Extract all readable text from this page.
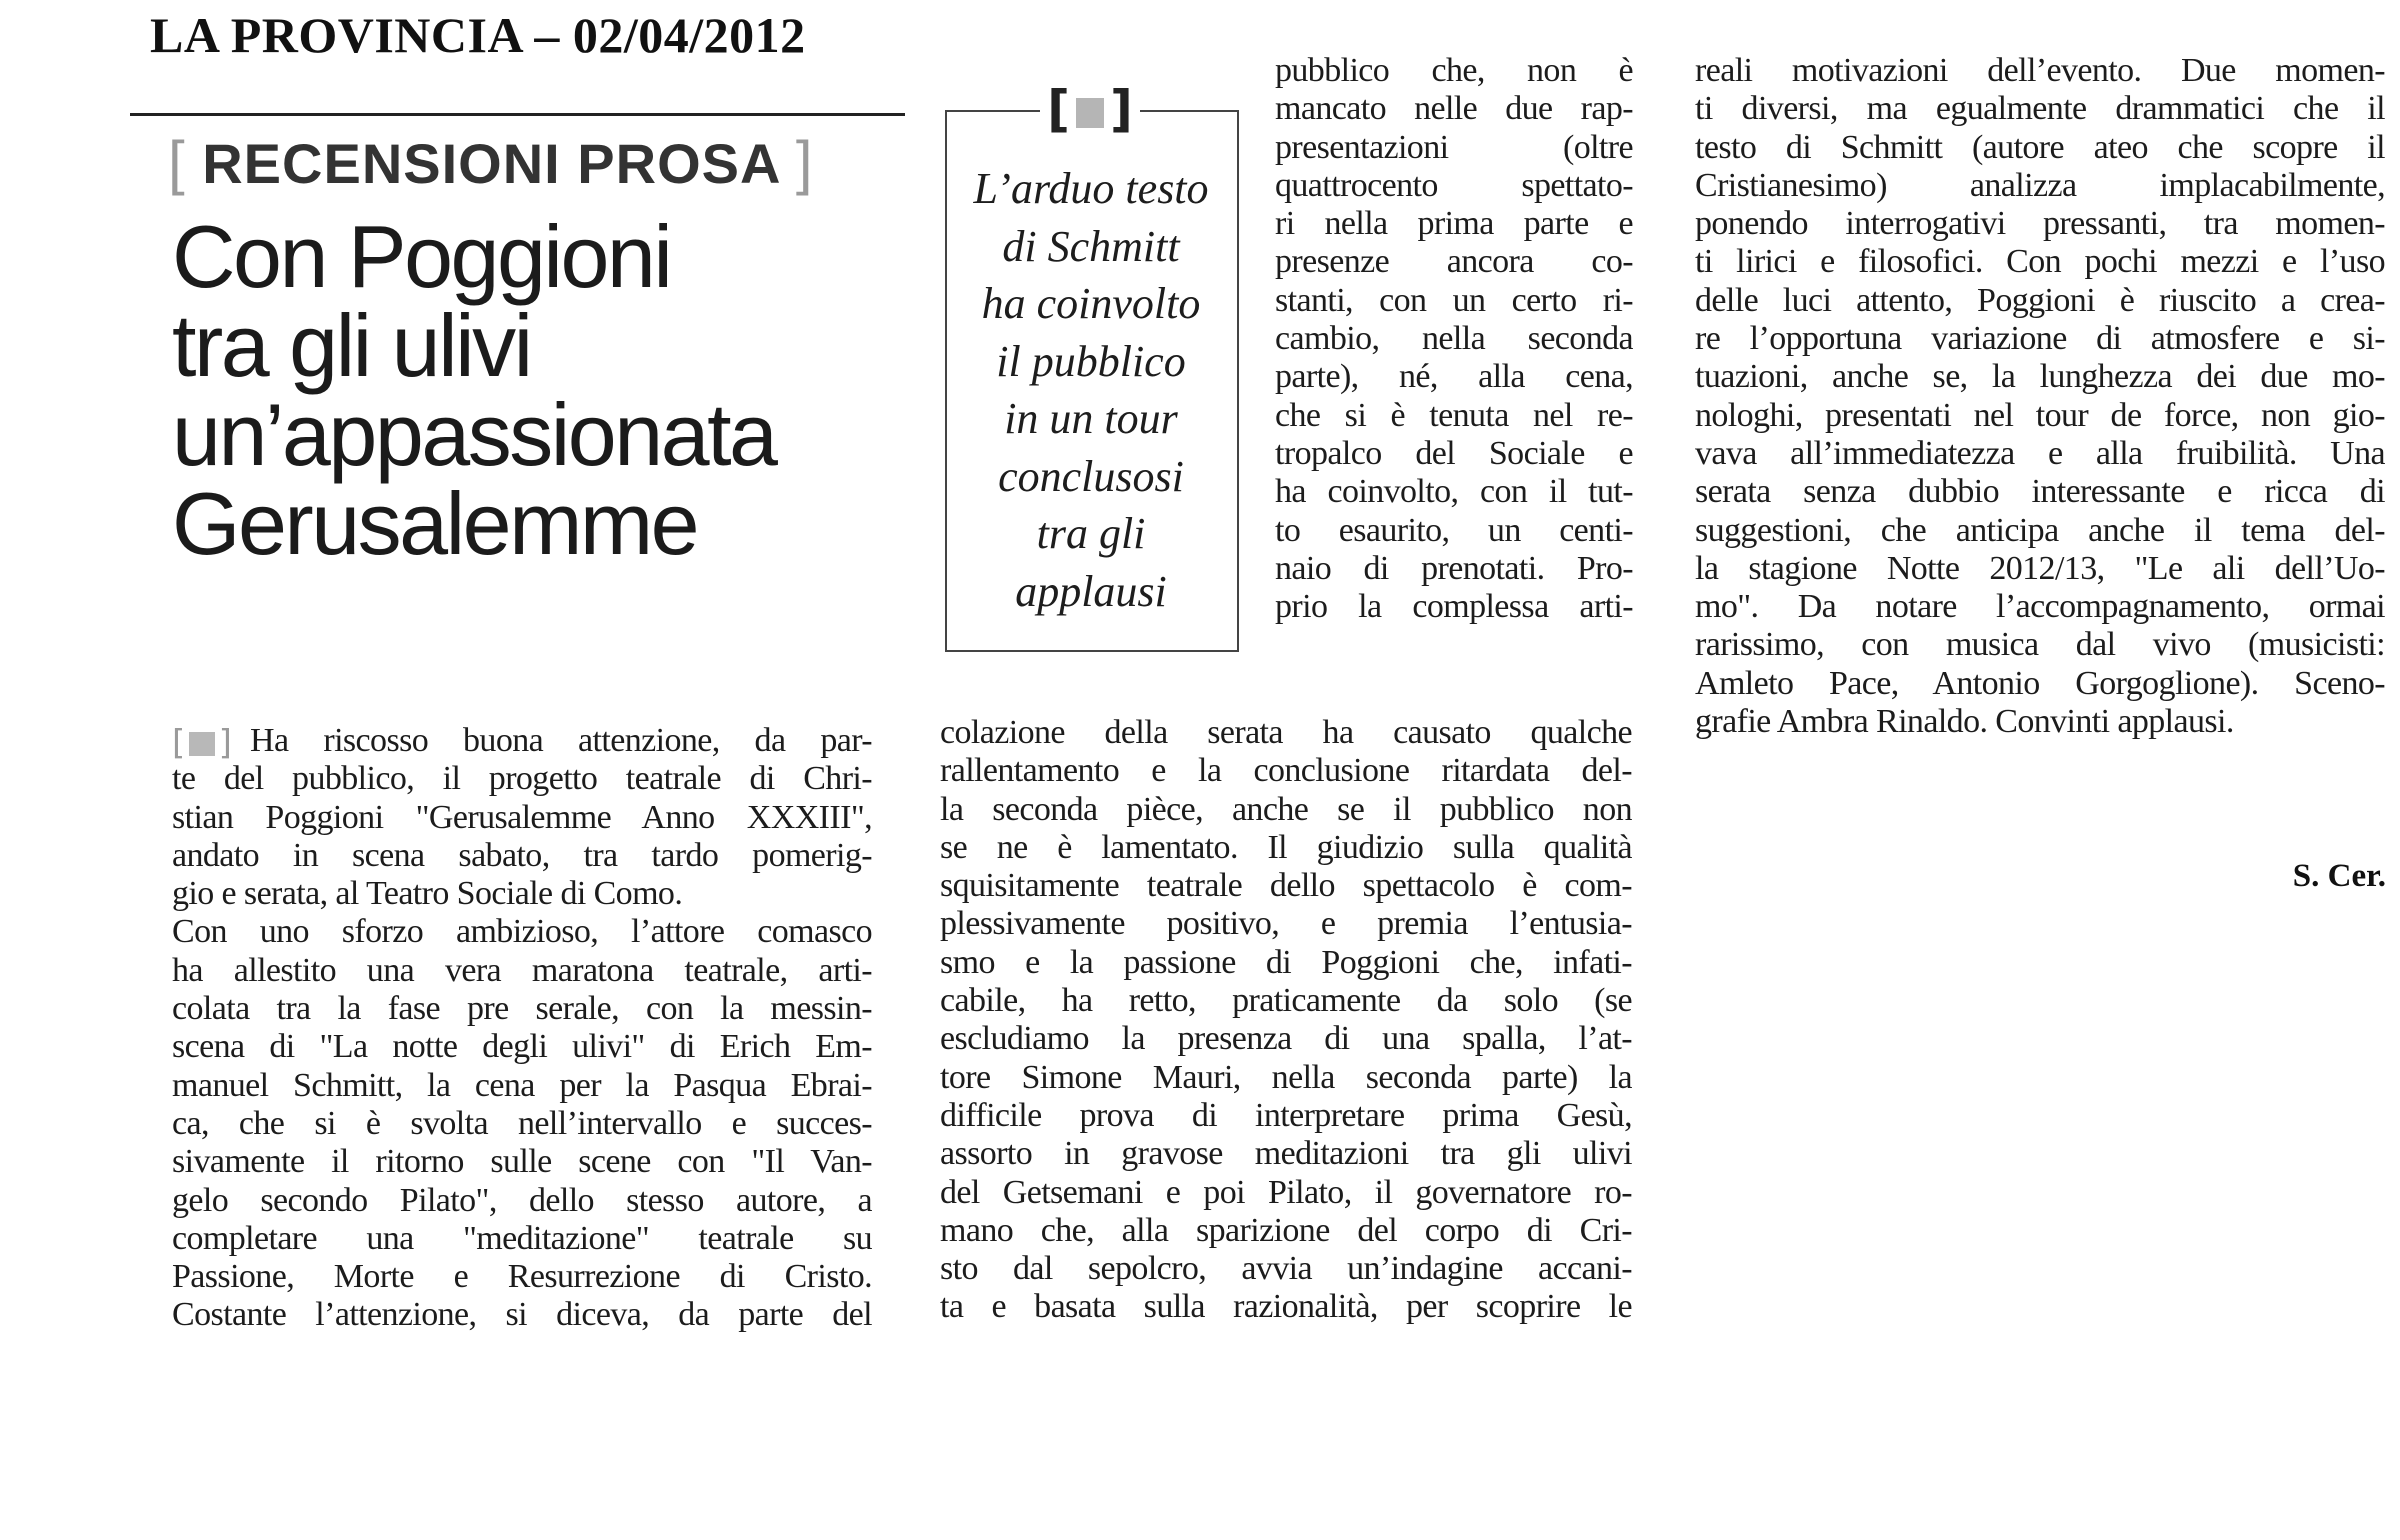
LA PROVINCIA – 02/04/2012
[ RECENSIONI PROSA ]
Con Poggioni
tra gli ulivi
un’appassionata
Gerusalemme
[ ]
L’arduo testo
di Schmitt
ha coinvolto
il pubblico
in un tour
conclusosi
tra gli
applausi
[ ] Ha riscosso buona attenzione, da par-
te del pubblico, il progetto teatrale di Chri-
stian Poggioni "Gerusalemme Anno XXXIII",
andato in scena sabato, tra tardo pomerig-
gio e serata, al Teatro Sociale di Como.
Con uno sforzo ambizioso, l’attore comasco
ha allestito una vera maratona teatrale, arti-
colata tra la fase pre serale, con la messin-
scena di "La notte degli ulivi" di Erich Em-
manuel Schmitt, la cena per la Pasqua Ebrai-
ca, che si è svolta nell’intervallo e succes-
sivamente il ritorno sulle scene con "Il Van-
gelo secondo Pilato", dello stesso autore, a
completare una "meditazione" teatrale su
Passione, Morte e Resurrezione di Cristo.
Costante l’attenzione, si diceva, da parte del
pubblico che, non è
mancato nelle due rap-
presentazioni (oltre
quattrocento spettato-
ri nella prima parte e
presenze ancora co-
stanti, con un certo ri-
cambio, nella seconda
parte), né, alla cena,
che si è tenuta nel re-
tropalco del Sociale e
ha coinvolto, con il tut-
to esaurito, un centi-
naio di prenotati. Pro-
prio la complessa arti-
colazione della serata ha causato qualche
rallentamento e la conclusione ritardata del-
la seconda pièce, anche se il pubblico non
se ne è lamentato. Il giudizio sulla qualità
squisitamente teatrale dello spettacolo è com-
plessivamente positivo, e premia l’entusia-
smo e la passione di Poggioni che, infati-
cabile, ha retto, praticamente da solo (se
escludiamo la presenza di una spalla, l’at-
tore Simone Mauri, nella seconda parte) la
difficile prova di interpretare prima Gesù,
assorto in gravose meditazioni tra gli ulivi
del Getsemani e poi Pilato, il governatore ro-
mano che, alla sparizione del corpo di Cri-
sto dal sepolcro, avvia un’indagine accani-
ta e basata sulla razionalità, per scoprire le
reali motivazioni dell’evento. Due momen-
ti diversi, ma egualmente drammatici che il
testo di Schmitt (autore ateo che scopre il
Cristianesimo) analizza implacabilmente,
ponendo interrogativi pressanti, tra momen-
ti lirici e filosofici. Con pochi mezzi e l’uso
delle luci attento, Poggioni è riuscito a crea-
re l’opportuna variazione di atmosfere e si-
tuazioni, anche se, la lunghezza dei due mo-
nologhi, presentati nel tour de force, non gio-
vava all’immediatezza e alla fruibilità. Una
serata senza dubbio interessante e ricca di
suggestioni, che anticipa anche il tema del-
la stagione Notte 2012/13, "Le ali dell’Uo-
mo". Da notare l’accompagnamento, ormai
rarissimo, con musica dal vivo (musicisti:
Amleto Pace, Antonio Gorgoglione). Sceno-
grafie Ambra Rinaldo. Convinti applausi.
S. Cer.
